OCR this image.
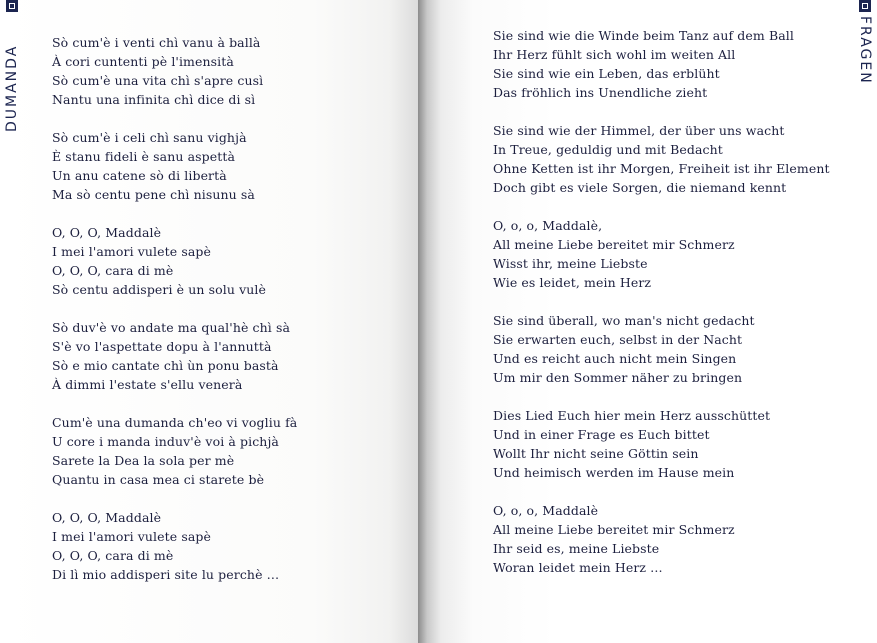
DUMANDA
Sò cum'è i venti chì vanu à ballà
À cori cuntenti pè l'imensità
Sò cum'è una vita chì s'apre cusì
Nantu una infinita chì dice di sì
Sò cum'è i celi chì sanu vighjà
È stanu fideli è sanu aspettà
Un anu catene sò di libertà
Ma sò centu pene chì nisunu sà
O, O, O, Maddalè
I mei l'amori vulete sapè
O, O, O, cara di mè
Sò centu addisperi è un solu vulè
Sò duv'è vo andate ma qual'hè chì sà
S'è vo l'aspettate dopu à l'annuttà
Sò e mio cantate chì ùn ponu bastà
À dimmi l'estate s'ellu venerà
Cum'è una dumanda ch'eo vi vogliu fà
U core i manda induv'è voi à pichjà
Sarete la Dea la sola per mè
Quantu in casa mea ci starete bè
O, O, O, Maddalè
I mei l'amori vulete sapè
O, O, O, cara di mè
Di lì mio addisperi site lu perchè …
FRAGEN
Sie sind wie die Winde beim Tanz auf dem Ball
Ihr Herz fühlt sich wohl im weiten All
Sie sind wie ein Leben, das erblüht
Das fröhlich ins Unendliche zieht
Sie sind wie der Himmel, der über uns wacht
In Treue, geduldig und mit Bedacht
Ohne Ketten ist ihr Morgen, Freiheit ist ihr Element
Doch gibt es viele Sorgen, die niemand kennt
O, o, o, Maddalè,
All meine Liebe bereitet mir Schmerz
Wisst ihr, meine Liebste
Wie es leidet, mein Herz
Sie sind überall, wo man's nicht gedacht
Sie erwarten euch, selbst in der Nacht
Und es reicht auch nicht mein Singen
Um mir den Sommer näher zu bringen
Dies Lied Euch hier mein Herz ausschüttet
Und in einer Frage es Euch bittet
Wollt Ihr nicht seine Göttin sein
Und heimisch werden im Hause mein
O, o, o, Maddalè
All meine Liebe bereitet mir Schmerz
Ihr seid es, meine Liebste
Woran leidet mein Herz …
